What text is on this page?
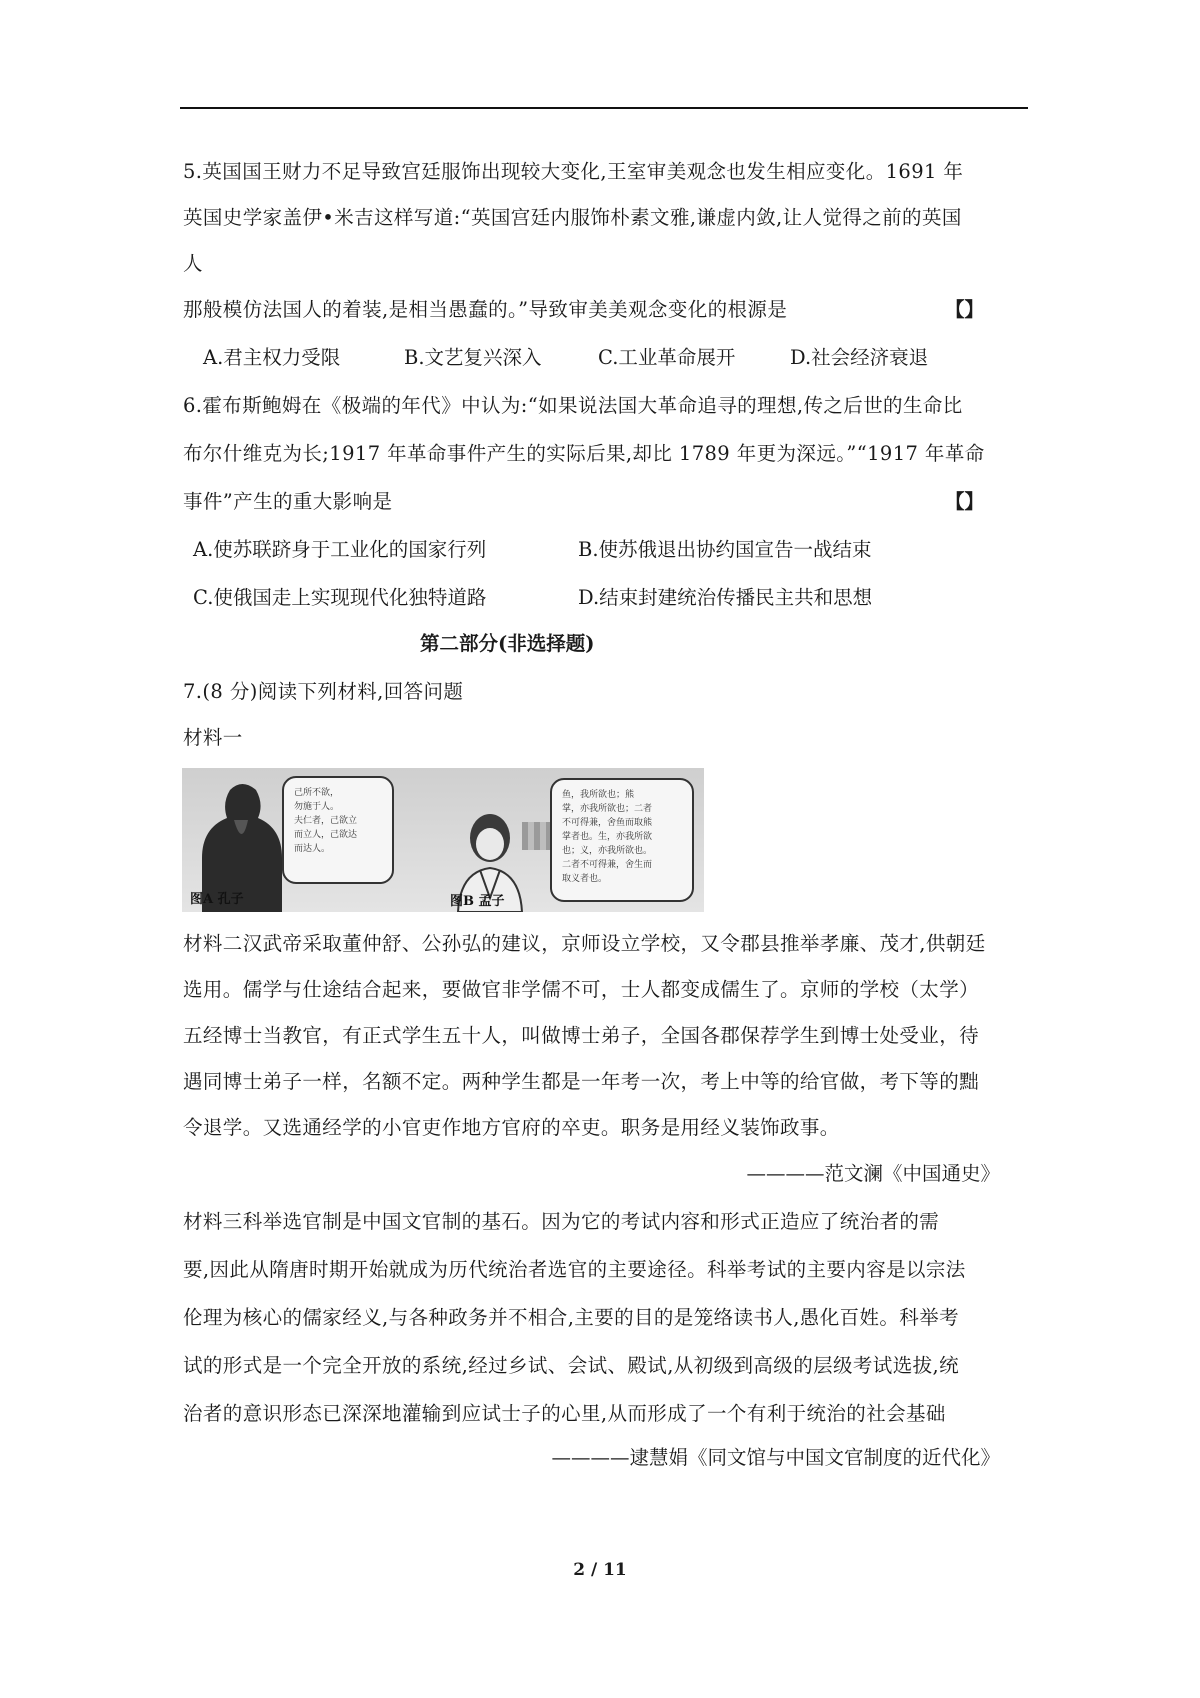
5.英国国王财力不足导致宫廷服饰出现较大变化,王室审美观念也发生相应变化。1691 年
英国史学家盖伊•米吉这样写道:“英国宫廷内服饰朴素文雅,谦虚内敛,让人觉得之前的英国
人
那般模仿法国人的着装,是相当愚蠢的。”导致审美美观念变化的根源是	【】
A.君主权力受限	B.文艺复兴深入	C.工业革命展开	D.社会经济衰退
6.霍布斯鲍姆在《极端的年代》中认为:“如果说法国大革命追寻的理想,传之后世的生命比
布尔什维克为长;1917 年革命事件产生的实际后果,却比 1789 年更为深远。”“1917 年革命
事件”产生的重大影响是	【】
A.使苏联跻身于工业化的国家行列	B.使苏俄退出协约国宣告一战结束
C.使俄国走上实现现代化独特道路	D.结束封建统治传播民主共和思想
第二部分(非选择题)
7.(8 分)阅读下列材料,回答问题
材料一
己所不欲，
勿施于人。
夫仁者，己欲立
而立人，己欲达
而达人。
鱼，我所欲也；熊
掌，亦我所欲也；二者
不可得兼，舍鱼而取熊
掌者也。生，亦我所欲
也；义，亦我所欲也。
二者不可得兼，舍生而
取义者也。
图A 孔子	图B 孟子
材料二汉武帝采取董仲舒、公孙弘的建议，京师设立学校，又令郡县推举孝廉、茂才,供朝廷
选用。儒学与仕途结合起来，要做官非学儒不可，士人都变成儒生了。京师的学校（太学）
五经博士当教官，有正式学生五十人，叫做博士弟子，全国各郡保荐学生到博士处受业，待
遇同博士弟子一样，名额不定。两种学生都是一年考一次，考上中等的给官做，考下等的黜
令退学。又选通经学的小官吏作地方官府的卒吏。职务是用经义装饰政事。
————范文澜《中国通史》
材料三科举选官制是中国文官制的基石。因为它的考试内容和形式正造应了统治者的需
要,因此从隋唐时期开始就成为历代统治者选官的主要途径。科举考试的主要内容是以宗法
伦理为核心的儒家经义,与各种政务并不相合,主要的目的是笼络读书人,愚化百姓。科举考
试的形式是一个完全开放的系统,经过乡试、会试、殿试,从初级到高级的层级考试选拔,统
治者的意识形态已深深地灌输到应试士子的心里,从而形成了一个有利于统治的社会基础
————逮慧娟《同文馆与中国文官制度的近代化》
2 / 11
